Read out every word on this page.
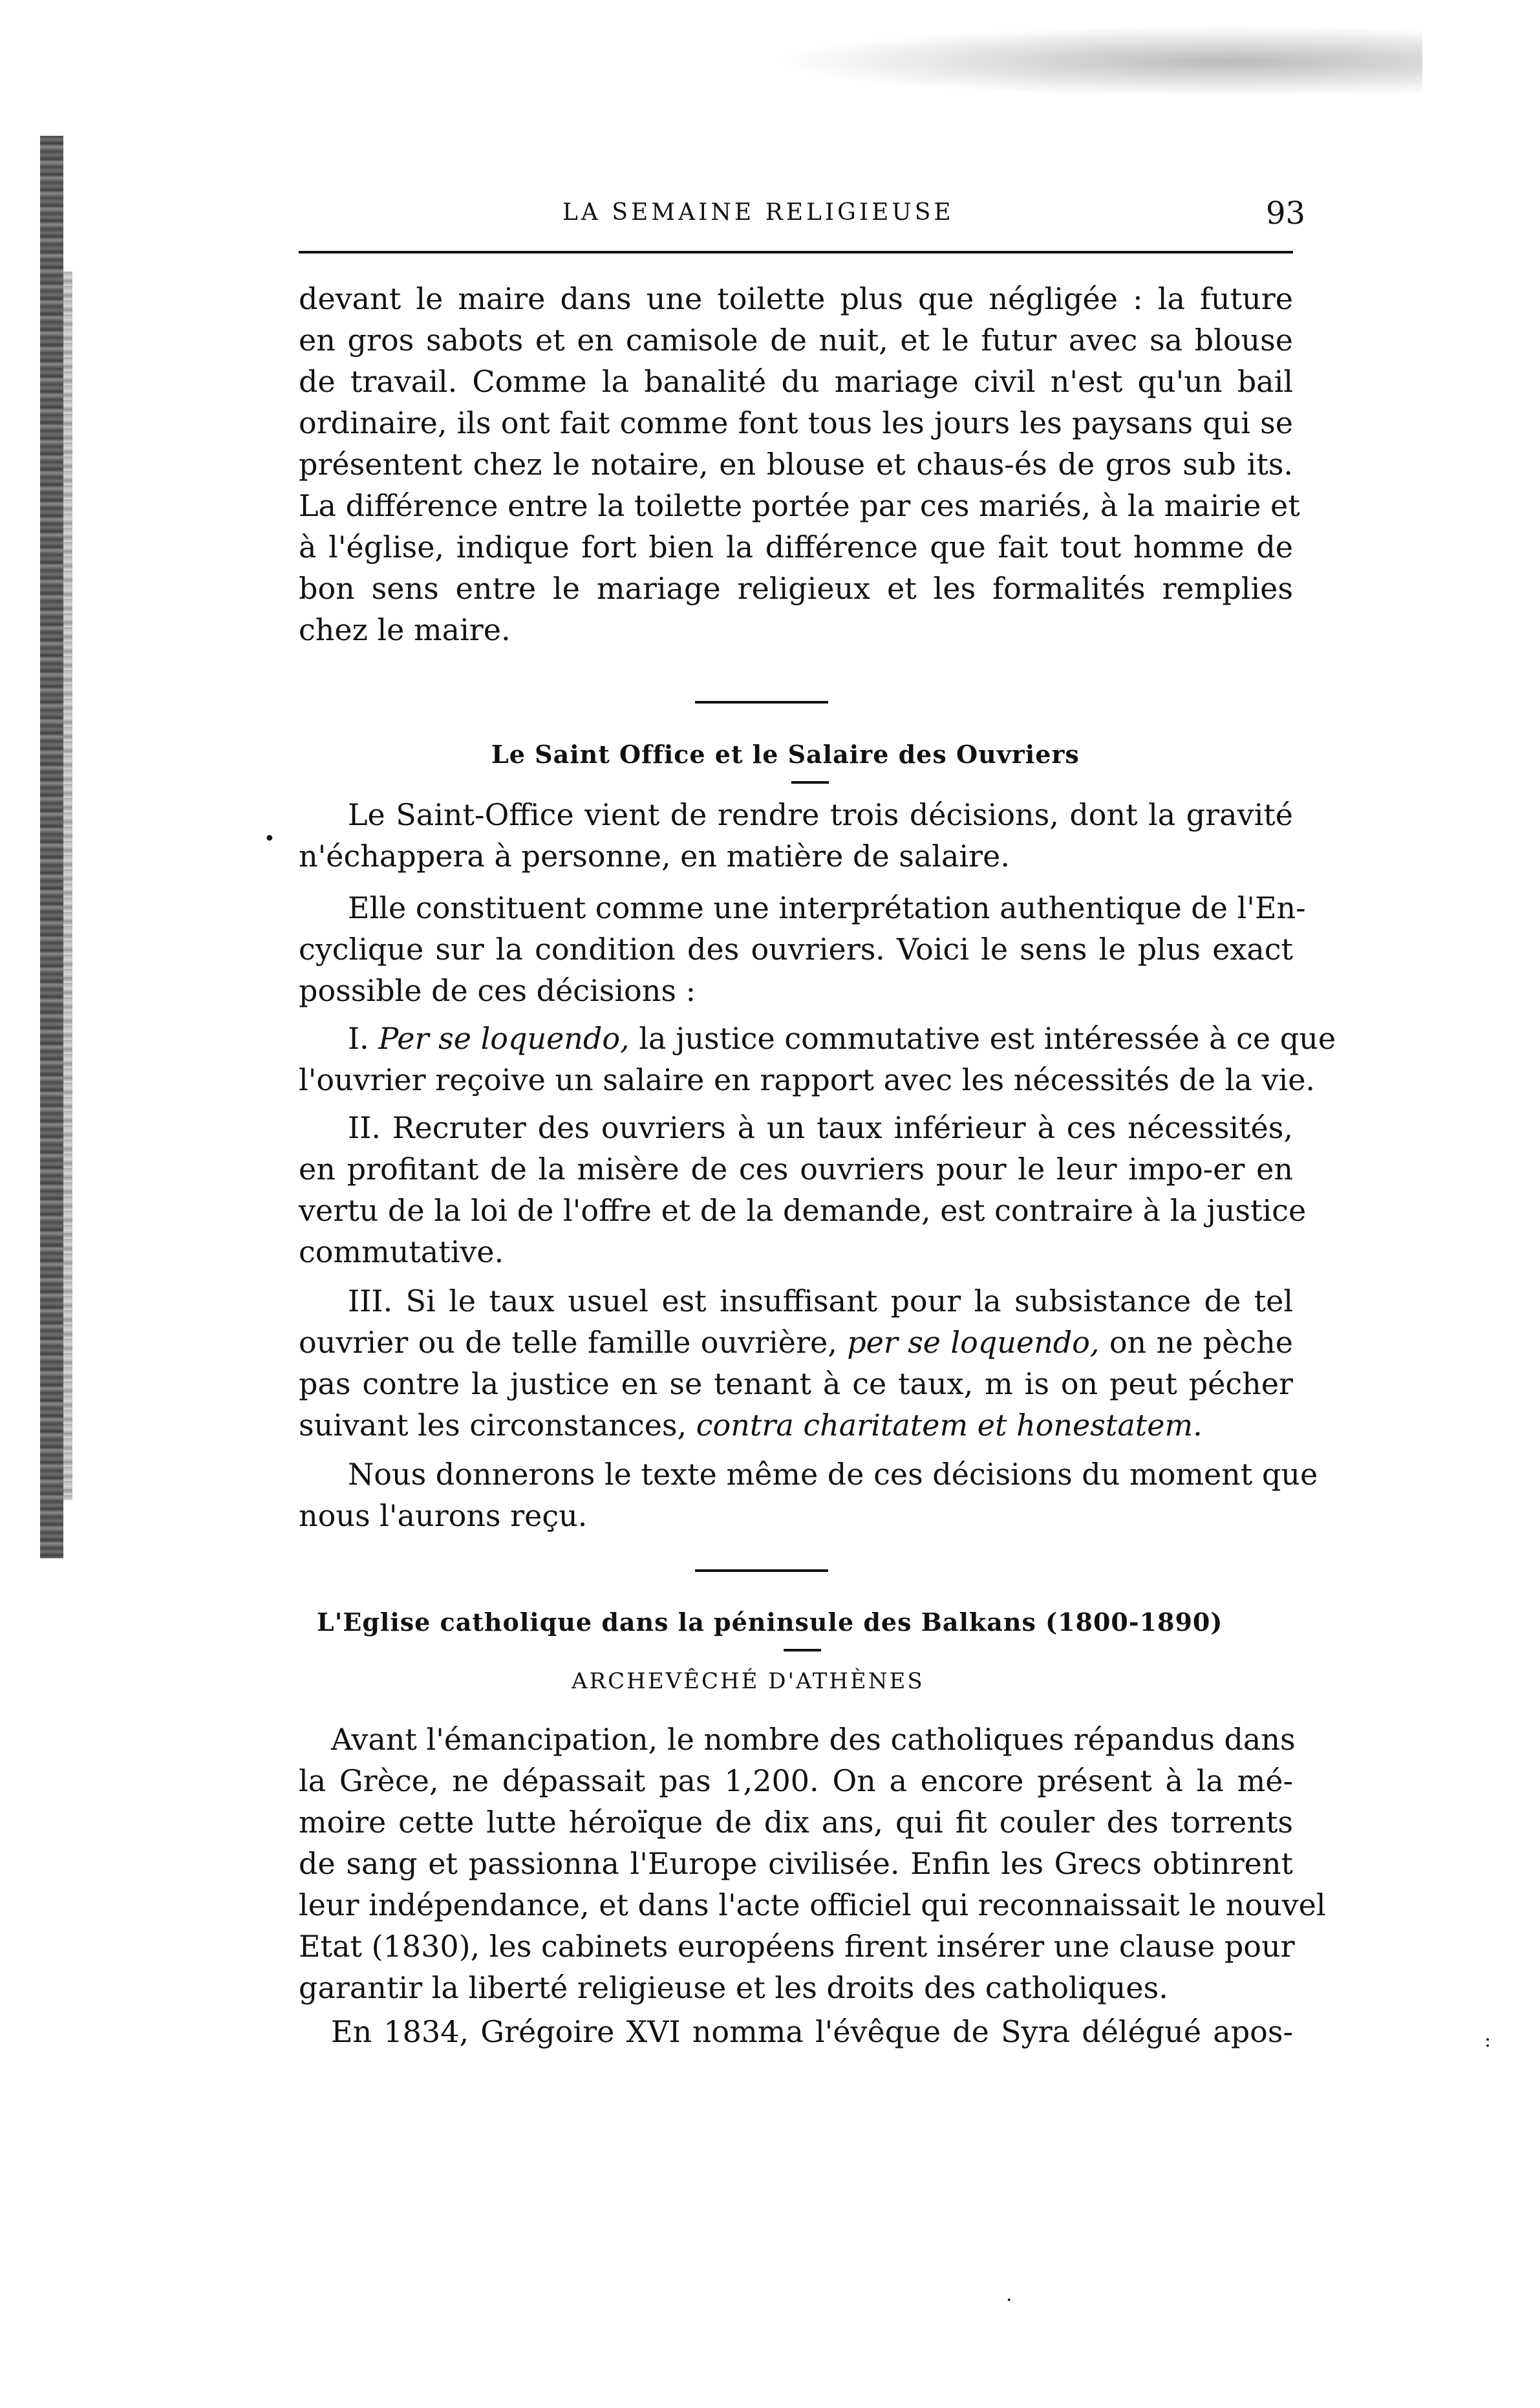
LA SEMAINE RELIGIEUSE	93
devant le maire dans une toilette plus que négligée : la future
en gros sabots et en camisole de nuit, et le futur avec sa blouse
de travail. Comme la banalité du mariage civil n'est qu'un bail
ordinaire, ils ont fait comme font tous les jours les paysans qui se
présentent chez le notaire, en blouse et chaus-és de gros sub its.
La différence entre la toilette portée par ces mariés, à la mairie et
à l'église, indique fort bien la différence que fait tout homme de
bon sens entre le mariage religieux et les formalités remplies
chez le maire.
Le Saint Office et le Salaire des Ouvriers
•
Le Saint-Office vient de rendre trois décisions, dont la gravité
n'échappera à personne, en matière de salaire.
Elle constituent comme une interprétation authentique de l'En-
cyclique sur la condition des ouvriers. Voici le sens le plus exact
possible de ces décisions :
I. Per se loquendo, la justice commutative est intéressée à ce que
l'ouvrier reçoive un salaire en rapport avec les nécessités de la vie.
II. Recruter des ouvriers à un taux inférieur à ces nécessités,
en profitant de la misère de ces ouvriers pour le leur impo-er en
vertu de la loi de l'offre et de la demande, est contraire à la justice
commutative.
III. Si le taux usuel est insuffisant pour la subsistance de tel
ouvrier ou de telle famille ouvrière, per se loquendo, on ne pèche
pas contre la justice en se tenant à ce taux, m is on peut pécher
suivant les circonstances, contra charitatem et honestatem.
Nous donnerons le texte même de ces décisions du moment que
nous l'aurons reçu.
L'Eglise catholique dans la péninsule des Balkans (1800-1890)
ARCHEVÊCHÉ D'ATHÈNES
Avant l'émancipation, le nombre des catholiques répandus dans
la Grèce, ne dépassait pas 1,200. On a encore présent à la mé-
moire cette lutte héroïque de dix ans, qui fit couler des torrents
de sang et passionna l'Europe civilisée. Enfin les Grecs obtinrent
leur indépendance, et dans l'acte officiel qui reconnaissait le nouvel
Etat (1830), les cabinets européens firent insérer une clause pour
garantir la liberté religieuse et les droits des catholiques.
En 1834, Grégoire XVI nomma l'évêque de Syra délégué apos-	:
·
